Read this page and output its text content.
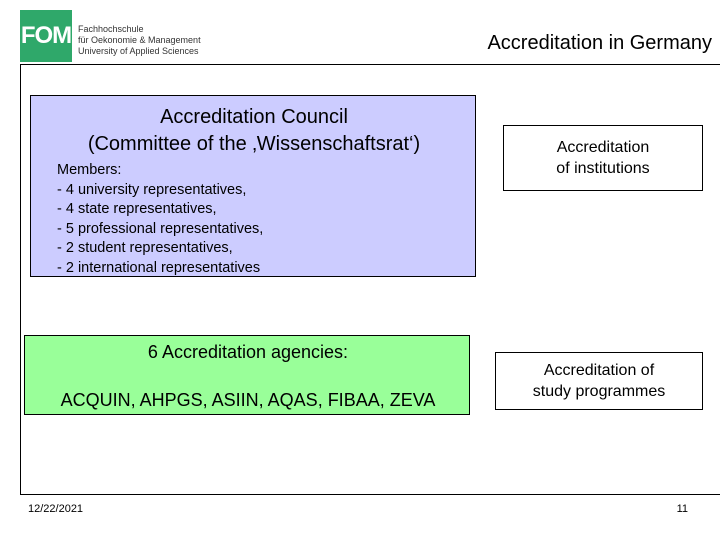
FOM Fachhochschule
für Oekonomie & Management
University of Applied Sciences	Accreditation in Germany
Accreditation Council
(Committee of the ‚Wissenschaftsrat‘)
Members:
- 4 university representatives,
- 4 state representatives,
- 5 professional representatives,
- 2 student representatives,
- 2 international representatives
6 Accreditation agencies:
ACQUIN, AHPGS, ASIIN, AQAS, FIBAA, ZEVA
Accreditation
of institutions
Accreditation of
study programmes
12/22/2021	11
